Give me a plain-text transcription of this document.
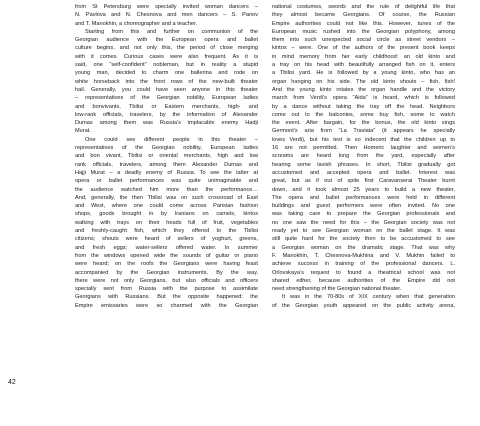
from St Petersburg were specially invited woman dancers –
N. Pavlova and N. Chesnova and men dancers – S. Panov
and T. Manokhin, a choreographer and a teacher.
Starting from this and further on communion of the
Georgian audience with the European opera and ballet
culture begins, and not only this, the period of close merging
with it comes. Curious cases were also frequent. As it is
said, one “self-confident” nobleman, but in reality a stupid
young man, decided to charm one ballerina and rode on
white horseback into the front rows of the new-built theater
hall. Generally, you could have seen anyone in this theater
– representatives of the Georgian nobility, European ladies
and bonvivants, Tbilisi or Eastern merchants, high- and
low-rank officials, travelers, by the information of Alexander
Dumas among them was Russia’s implacable enemy Hadji
Murat.
One could see different people in this theater –
representatives of the Georgian nobility, European ladies
and bon vivant, Tbilisi or oriental merchants, high and low
rank officials, travelers, among them Alexander Dumas and
Hajji Murat – a deadly enemy of Russia. To see the latter at
opera or ballet performances was quite unimaginable and
the audience watched him more than the performance…
And, generally, the then Tbilisi was on such crossroad of East
and West, where one could come across Parisian fashion
shops, goods brought in by Iranians on camels, kintos
walking with trays on their heads full of fruit, vegetables
and freshly-caught fish, which they offered to the Tbilisi
citizens; shouts were heard of sellers of yoghurt, greens,
and fresh eggs; water-sellers offered water. In summer
from the windows opened wide the sounds of guitar or piano
were heard; on the roofs the Georgians were having feast
accompanied by the Georgian instruments. By the way,
there were not only Georgians, but also officials and officers
specially sent from Russia with the purpose to assimilate
Georgians with Russians. But the opposite happened: the
Empire emissaries were so charmed with the Georgian
national costumes, swords and the rule of delightful life that
they almost became Georgians. Of course, the Russian
Empire authorities could not like this. However, tunes of the
European music rushed into the Georgian polyphony, among
them into such unexpected social circle as street vendors –
kintos – were. One of the authors of the present book keeps
in mind memory from her early childhood: an old kinto and
a tray on his head with beautifully arranged fish on it, enters
a Tbilisi yard. He is followed by a young kinto, who has an
organ hanging on his side. The old kinto shouts – fish, fish!
And the young kinto rotates the organ handle and the victory
march from Verdi’s opera “Aida” is heard, which is followed
by a dance without taking the tray off the head. Neighbors
come out to the balconies, some buy fish, some to watch
the event. After bargain, for the bonus, the old kinto sings
Germont’s aria from “La Traviata” (it appears he specially
loves Verdi), but his text is so indecent that the children up to
16 are not permitted. Then Homeric laughter and women’s
screams are heard long from the yard, especially after
hearing some lavish phrases. In short, Tbilisi gradually got
accustomed and accepted opera and ballet. Interest was
great, but as if out of spite first Caravanserai Theater burnt
down, and it took almost 25 years to build a new theater.
The opera and ballet performances were held in different
buildings and guest performers were often invited. No one
was taking care to prepare the Georgian professionals and
no one saw the need for this – the Georgian society was not
ready yet to see Georgian woman on the ballet stage. It was
still quite hard for the society then to be accustomed to see
a Georgian woman on the dramatic stage. That was why
F. Manokhin, T. Chesnova-Mukhina and V. Mukhin failed to
achieve success in training of the professional dancers. L.
Orlovskaya’s request to found a theatrical school was not
shared either, because authorities of the Empire did not
need strengthening of the Georgian national theater.
It was in the 70-80s of XIX century when that generation
of the Georgian youth appeared on the public activity arena,
42
